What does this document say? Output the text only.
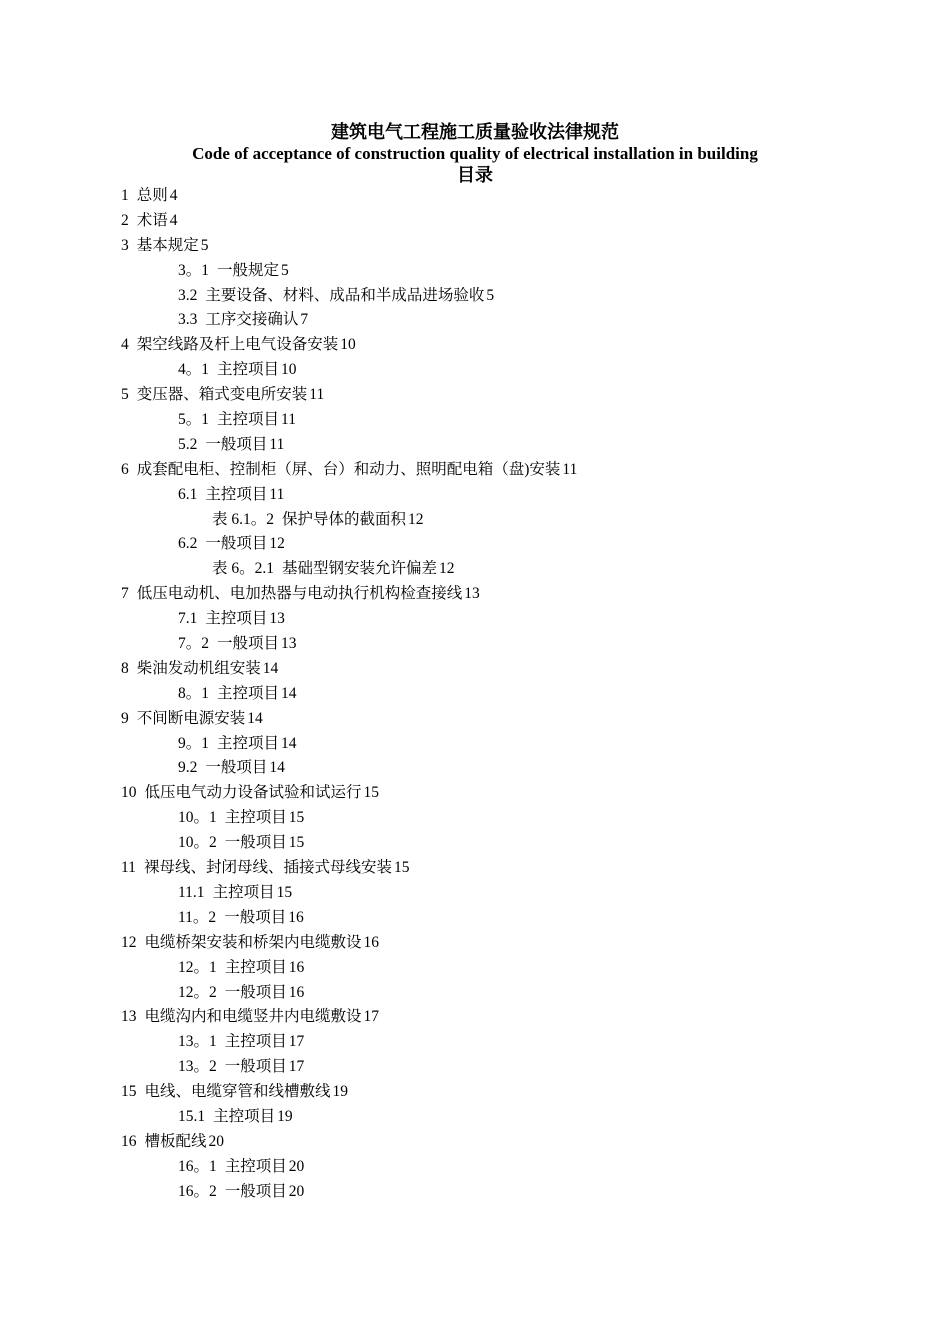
建筑电气工程施工质量验收法律规范
Code of acceptance of construction quality of electrical installation in building
目录
1 总则 4
2 术语 4
3 基本规定 5
3。1 一般规定 5
3.2 主要设备、材料、成品和半成品进场验收 5
3.3 工序交接确认 7
4 架空线路及杆上电气设备安装 10
4。1 主控项目 10
5 变压器、箱式变电所安装 11
5。1 主控项目 11
5.2 一般项目 11
6 成套配电柜、控制柜（屏、台）和动力、照明配电箱（盘)安装 11
6.1 主控项目 11
表 6.1。2 保护导体的截面积 12
6.2 一般项目 12
表 6。2.1 基础型钢安装允许偏差 12
7 低压电动机、电加热器与电动执行机构检查接线 13
7.1 主控项目 13
7。2 一般项目 13
8 柴油发动机组安装 14
8。1 主控项目 14
9 不间断电源安装 14
9。1 主控项目 14
9.2 一般项目 14
10 低压电气动力设备试验和试运行 15
10。1 主控项目 15
10。2 一般项目 15
11 裸母线、封闭母线、插接式母线安装 15
11.1 主控项目 15
11。2 一般项目 16
12 电缆桥架安装和桥架内电缆敷设 16
12。1 主控项目 16
12。2 一般项目 16
13 电缆沟内和电缆竖井内电缆敷设 17
13。1 主控项目 17
13。2 一般项目 17
15 电线、电缆穿管和线槽敷线 19
15.1 主控项目 19
16 槽板配线 20
16。1 主控项目 20
16。2 一般项目 20
